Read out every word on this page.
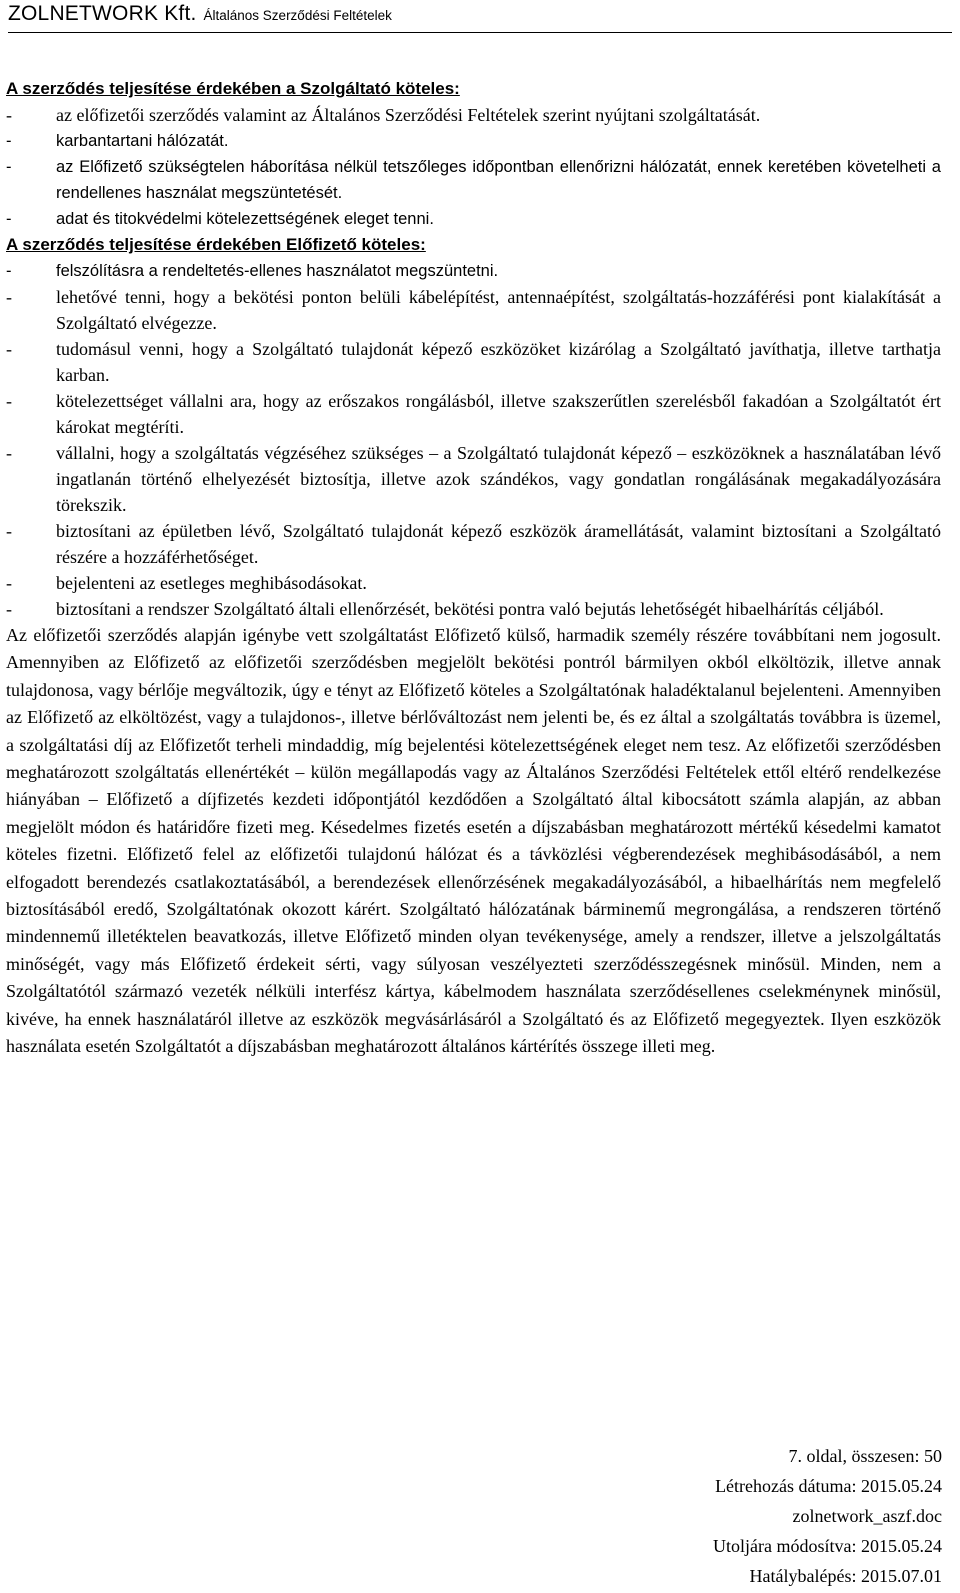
ZOLNETWORK Kft. Általános Szerződési Feltételek
A szerződés teljesítése érdekében a Szolgáltató köteles:
- az előfizetői szerződés valamint az Általános Szerződési Feltételek szerint nyújtani szolgáltatását.
-	karbantartani hálózatát.
-	az Előfizető szükségtelen háborítása nélkül tetszőleges időpontban ellenőrizni hálózatát, ennek keretében követelheti a rendellenes használat megszüntetését.
-	adat és titokvédelmi kötelezettségének eleget tenni.
A szerződés teljesítése érdekében Előfizető köteles:
-	felszólításra a rendeltetés-ellenes használatot megszüntetni.
- lehetővé tenni, hogy a bekötési ponton belüli kábelépítést, antennaépítést, szolgáltatás-hozzáférési pont kialakítását a Szolgáltató elvégezze.
- tudomásul venni, hogy a Szolgáltató tulajdonát képező eszközöket kizárólag a Szolgáltató javíthatja, illetve tarthatja karban.
- kötelezettséget vállalni ara, hogy az erőszakos rongálásból, illetve szakszerűtlen szerelésből fakadóan a Szolgáltatót ért károkat megtéríti.
- vállalni, hogy a szolgáltatás végzéséhez szükséges – a Szolgáltató tulajdonát képező – eszközöknek a használatában lévő ingatlanán történő elhelyezését biztosítja, illetve azok szándékos, vagy gondatlan rongálásának megakadályozására törekszik.
- biztosítani az épületben lévő, Szolgáltató tulajdonát képező eszközök áramellátását, valamint biztosítani a Szolgáltató részére a hozzáférhetőséget.
- bejelenteni az esetleges meghibásodásokat.
- biztosítani a rendszer Szolgáltató általi ellenőrzését, bekötési pontra való bejutás lehetőségét hibaelhárítás céljából.

Az előfizetői szerződés alapján igénybe vett szolgáltatást Előfizető külső, harmadik személy részére továbbítani nem jogosult. Amennyiben az Előfizető az előfizetői szerződésben megjelölt bekötési pontról bármilyen okból elköltözik, illetve annak tulajdonosa, vagy bérlője megváltozik, úgy e tényt az Előfizető köteles a Szolgáltatónak haladéktalanul bejelenteni. Amennyiben az Előfizető az elköltözést, vagy a tulajdonos-, illetve bérlőváltozást nem jelenti be, és ez által a szolgáltatás továbbra is üzemel, a szolgáltatási díj az Előfizetőt terheli mindaddig, míg bejelentési kötelezettségének eleget nem tesz. Az előfizetői szerződésben meghatározott szolgáltatás ellenértékét – külön megállapodás vagy az Általános Szerződési Feltételek ettől eltérő rendelkezése hiányában – Előfizető a díjfizetés kezdeti időpontjától kezdődően a Szolgáltató által kibocsátott számla alapján, az abban megjelölt módon és határidőre fizeti meg. Késedelmes fizetés esetén a díjszabásban meghatározott mértékű késedelmi kamatot köteles fizetni. Előfizető felel az előfizetői tulajdonú hálózat és a távközlési végberendezések meghibásodásából, a nem elfogadott berendezés csatlakoztatásából, a berendezések ellenőrzésének megakadályozásából, a hibaelhárítás nem megfelelő biztosításából eredő, Szolgáltatónak okozott kárért. Szolgáltató hálózatának bárminemű megrongálása, a rendszeren történő mindennemű illetéktelen beavatkozás, illetve Előfizető minden olyan tevékenysége, amely a rendszer, illetve a jelszolgáltatás minőségét, vagy más Előfizető érdekeit sérti, vagy súlyosan veszélyezteti szerződésszegésnek minősül. Minden, nem a Szolgáltatótól származó vezeték nélküli interfész kártya, kábelmodem használata szerződésellenes cselekménynek minősül, kivéve, ha ennek használatáról illetve az eszközök megvásárlásáról a Szolgáltató és az Előfizető megegyeztek. Ilyen eszközök használata esetén Szolgáltatót a díjszabásban meghatározott általános kártérítés összege illeti meg.

7. oldal, összesen: 50
Létrehozás dátuma: 2015.05.24
zolnetwork_aszf.doc
Utoljára módosítva: 2015.05.24
Hatálybalépés: 2015.07.01
